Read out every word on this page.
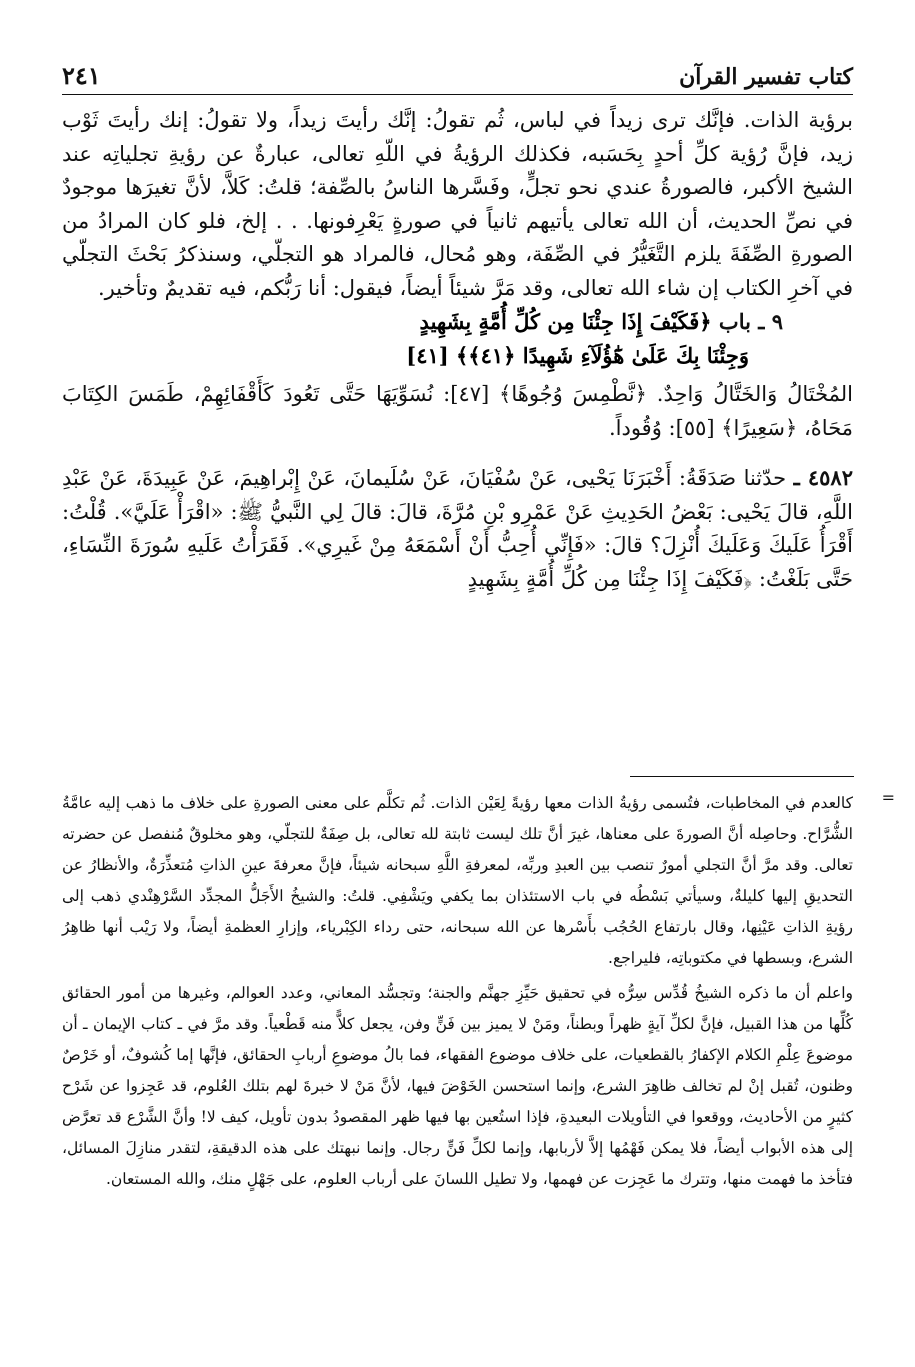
٢٤١	كتاب تفسير القرآن

برؤية الذات. فإنَّك ترى زيداً في لباس، ثُم تقولُ: إنَّك رأيتَ زيداً، ولا تقولُ: إنك رأيتَ ثَوْب زيد، فإنَّ رُؤية كلِّ أحدٍ بِحَسَبه، فكذلك الرؤيةُ في اللّهِ تعالى، عبارةٌ عن رؤيةِ تجلياتِه عند الشيخ الأكبر، فالصورةُ عندي نحو تجلٍّ، وفَسَّرها الناسُ بالصِّفة؛ قلتُ: كَلاَّ، لأنَّ تغيرَها موجودٌ في نصِّ الحديث، أن الله تعالى يأتيهم ثانياً في صورةٍ يَعْرِفونها. . . إلخ، فلو كان المرادُ من الصورةِ الصِّفَةَ يلزم التَّغَيُّرُ في الصِّفَة، وهو مُحال، فالمراد هو التجلّي، وسنذكرُ بَحْثَ التجلّي في آخرِ الكتاب إن شاء الله تعالى، وقد مَرَّ شيئاً أيضاً، فيقول: أنا رَبُّكم، فيه تقديمٌ وتأخير.

٩ ـ باب ﴿فَكَيْفَ إِذَا جِئْنَا مِن كُلِّ أُمَّةٍ بِشَهِيدٍ
وَجِئْنَا بِكَ عَلَىٰ هَٰٓؤُلَآءِ شَهِيدًا ﴿٤١﴾﴾ [٤١]

المُخْتَالُ وَالخَتَّالُ وَاحِدٌ. ﴿نَّطْمِسَ وُجُوهًا﴾ [٤٧]: نُسَوِّيَهَا حَتَّى تَعُودَ كَأَقْفَائِهِمْ، طَمَسَ الكِتَابَ مَحَاهُ، ﴿سَعِيرًا﴾ [٥٥]: وُقُوداً.

٤٥٨٢ ـ حدّثنا صَدَقَةُ: أَخْبَرَنَا يَحْيى، عَنْ سُفْيَانَ، عَنْ سُلَيمانَ، عَنْ إِبْراهِيمَ، عَنْ عَبِيدَةَ، عَنْ عَبْدِ اللَّهِ، قالَ يَحْيى: بَعْضُ الحَدِيثِ عَنْ عَمْرِو بْنِ مُرَّةَ، قالَ: قالَ لِي النَّبيُّ ﷺ: «اقْرَأْ عَلَيَّ». قُلْتُ: أَقْرَأُ عَلَيكَ وَعَلَيكَ أُنْزِلَ؟ قالَ: «فَإِنِّي أُحِبُّ أَنْ أَسْمَعَهُ مِنْ غَيرِي». فَقَرَأْتُ عَلَيهِ سُورَةَ النِّسَاءِ، حَتَّى بَلَغْتُ: ﴿فَكَيْفَ إِذَا جِئْنَا مِن كُلِّ أُمَّةٍ بِشَهِيدٍ

=

كالعدم في المخاطبات، فتُسمى رؤيةُ الذات معها رؤيةً لِعَيْن الذات. ثُم تكلَّم على معنى الصورةِ على خلاف ما ذهب إليه عامَّةُ الشُّرَّاح. وحاصِله أنَّ الصورةَ على معناها، غيرَ أنَّ تلك ليست ثابتة لله تعالى، بل صِفَةٌ للتجلّي، وهو مخلوقٌ مُنفصل عن حضرته تعالى. وقد مرَّ أنَّ التجلي أمورٌ تنصب بين العبدِ وربِّه، لمعرفةِ اللَّهِ سبحانه شيئاً، فإنَّ معرفةَ عينِ الذاتِ مُتعذِّرَةٌ، والأنظارُ عن التحديقِ إليها كليلةٌ، وسيأتي بَسْطُه في باب الاستئذان بما يكفي ويَشْفِي. قلتُ: والشيخُ الأَجَلُّ المجدِّد السَّرْهِنْدي ذهب إلى رؤيةِ الذاتِ عَيْنِها، وقال بارتفاع الحُجُب بأَسْرها عن الله سبحانه، حتى رداء الكِبْرياء، وإزارِ العظمةِ أيضاً، ولا رَيْب أنها ظاهِرُ الشرع، وبسطها في مكتوباتِه، فليراجع.

واعلم أن ما ذكره الشيخُ قُدِّس سِرُّه في تحقيق حَيِّزِ جهنَّم والجنة؛ وتجسُّد المعاني، وعدد العوالم، وغيرها من أمور الحقائق كُلِّها من هذا القبيل، فإنَّ لكلِّ آيةٍ ظهراً وبطناً، ومَنْ لا يميز بين فَنٍّ وفن، يجعل كلاًّ منه قَطْعياً. وقد مرَّ في ـ كتاب الإيمان ـ أن موضوعَ عِلْمِ الكلام الإكفارُ بالقطعيات، على خلاف موضوع الفقهاء، فما بالُ موضوعِ أربابِ الحقائق، فإنَّها إما كُشوفٌ، أو خَرْصٌ وظنون، تُقبل إنْ لم تخالف ظاهِرَ الشرع، وإنما استحسن الخَوْضَ فيها، لأنَّ مَنْ لا خبرةَ لهم بتلك العُلوم، قد عَجِزوا عن شَرْح كثيرٍ من الأحاديث، ووقعوا في التأويلات البعيدةِ، فإذا استُعين بها فيها ظهر المقصودُ بدون تأويل، كيف لا! وأنَّ الشَّرْع قد تعرَّض إلى هذه الأبواب أيضاً، فلا يمكن فَهْمُها إلاَّ لأربابها، وإنما لكلِّ فَنٍّ رجال. وإنما نبهتك على هذه الدقيقةِ، لتقدر منازِلَ المسائل، فتأخذ ما فهمت منها، وتترك ما عَجِزت عن فهمها، ولا تطيل اللسانَ على أرباب العلوم، على جَهْلٍ منك، والله المستعان.
